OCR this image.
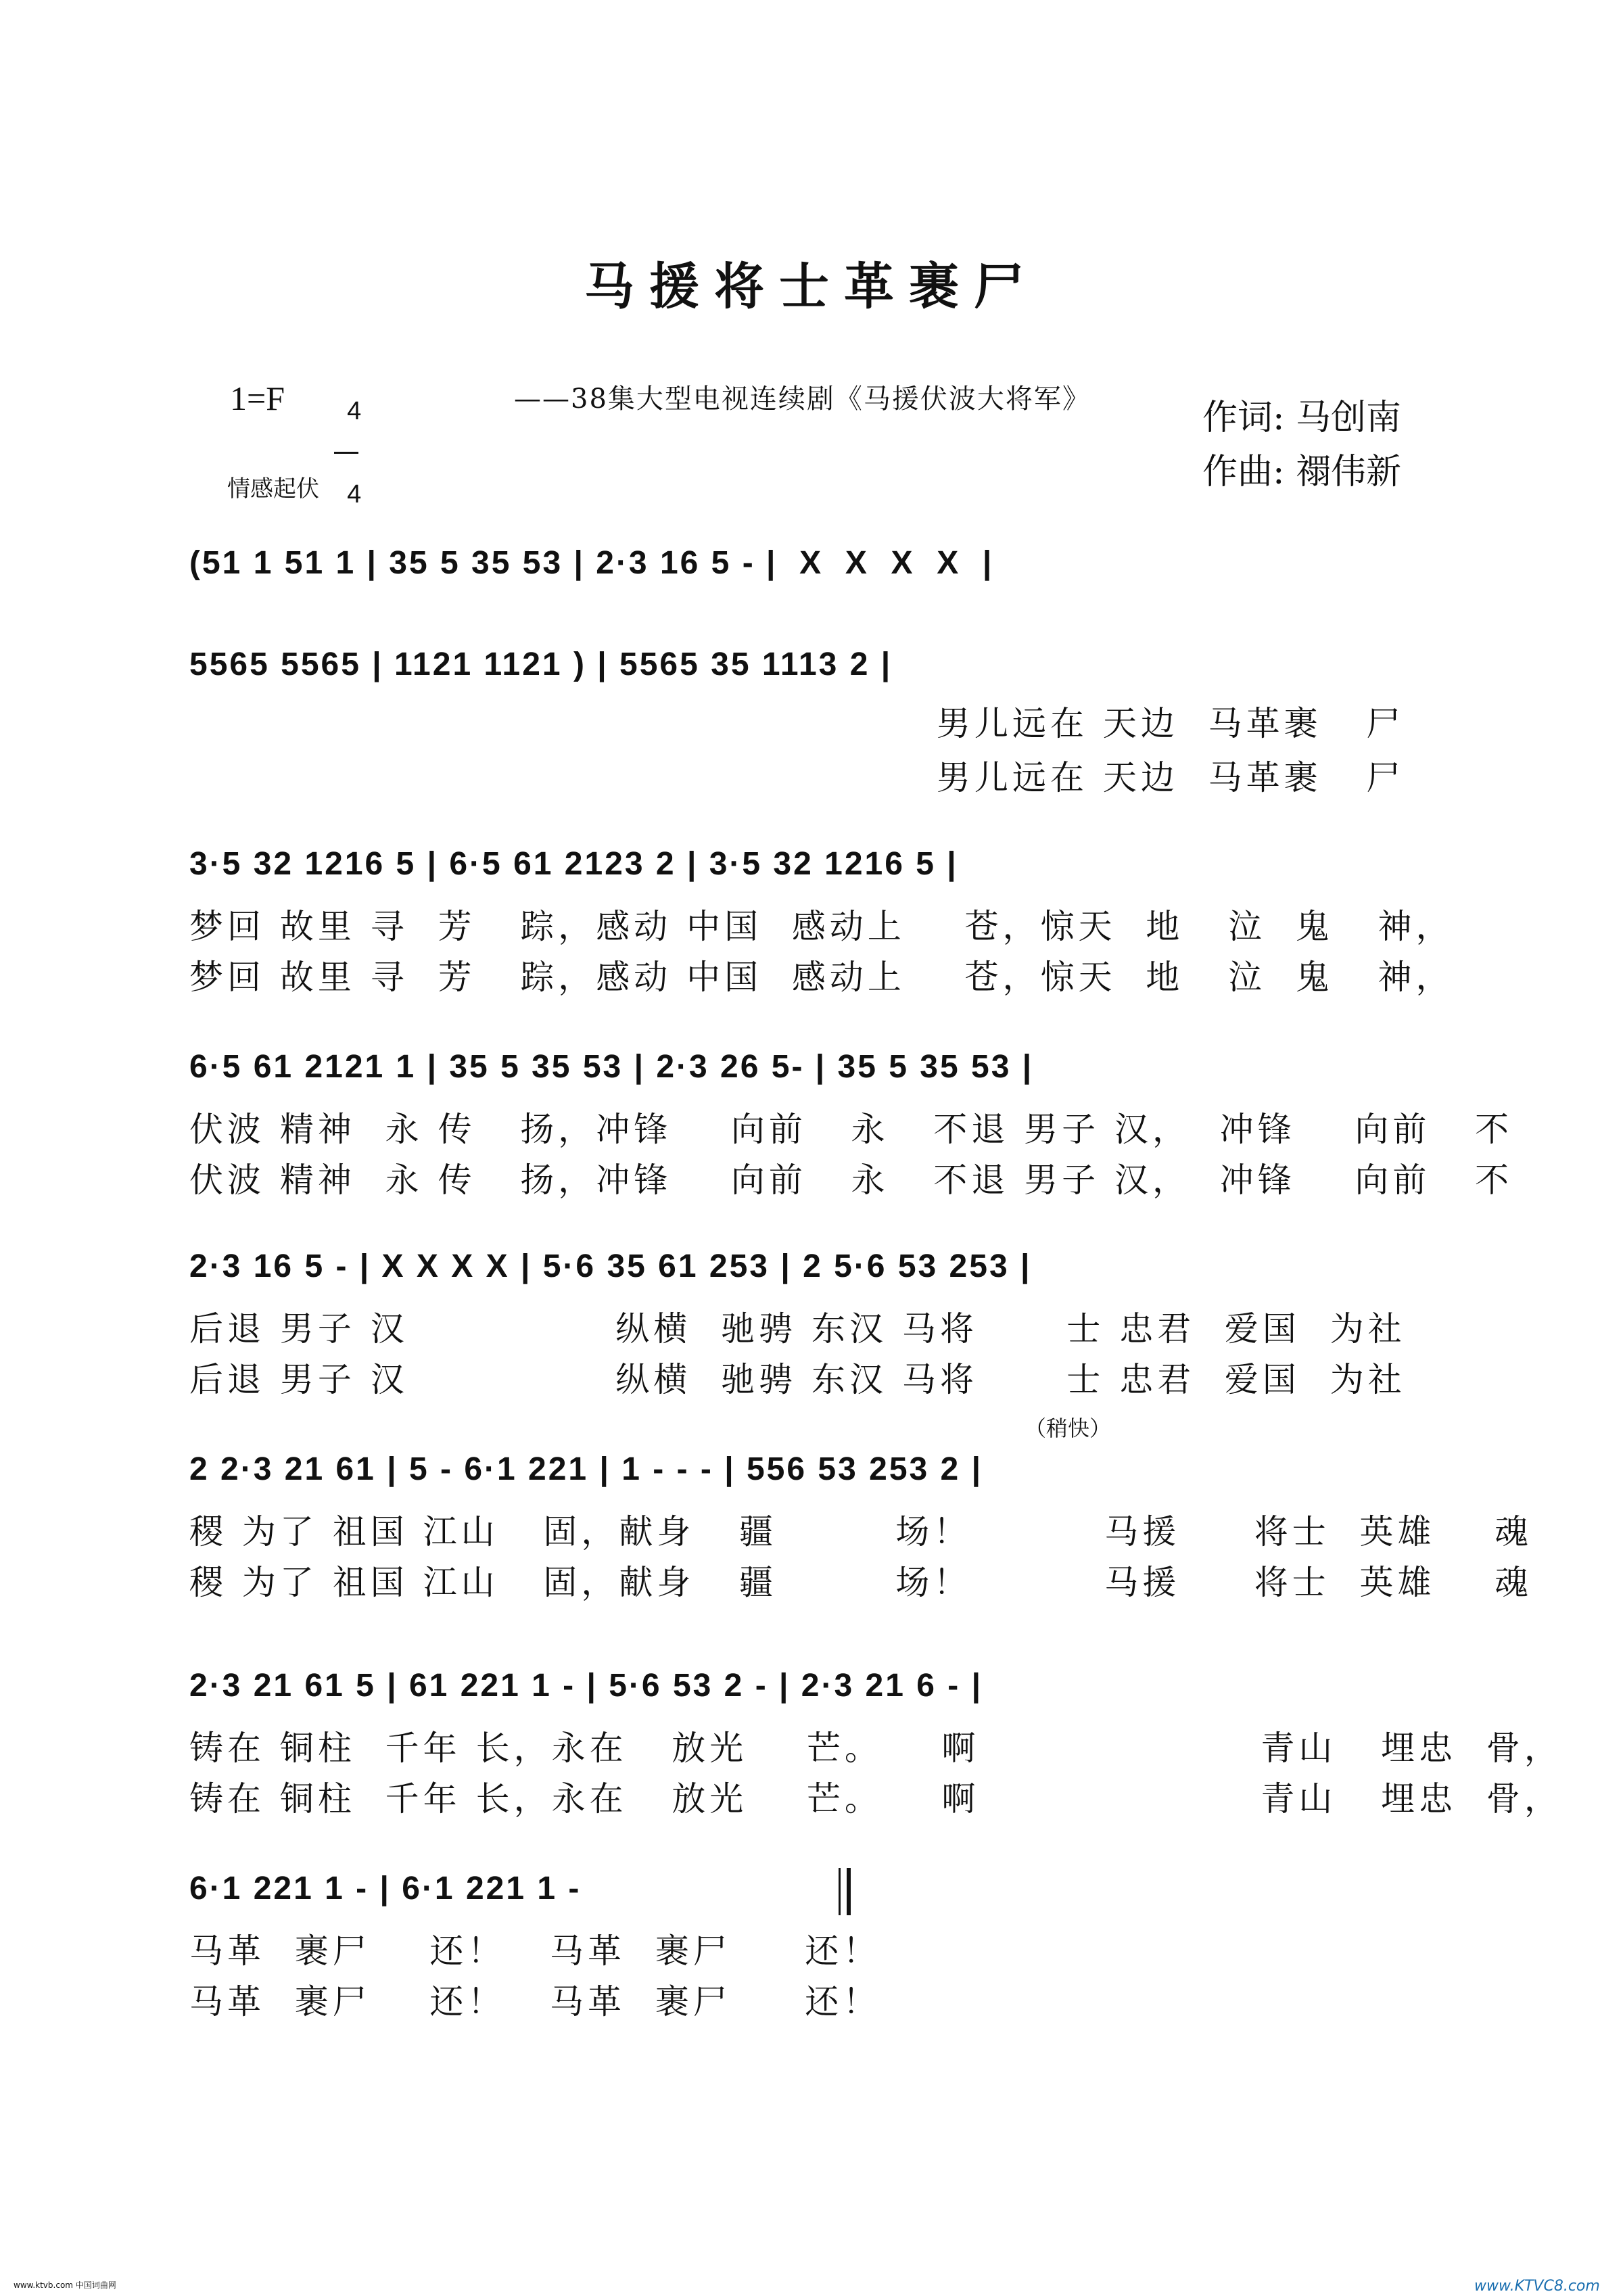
马援将士革裹尸
1=F	4

4

——38集大型电视连续剧《马援伏波大将军》	作词: 马创南
作曲: 禤伟新
情感起伏
(51 1 51 1 | 35 5 35 53 | 2·3 16 5 - |  X  X  X  X  |
5565 5565 | 1121 1121 ) | 5565 35 1113 2 |
男儿远在 天边  马革裹   尸
男儿远在 天边  马革裹   尸
3·5 32 1216 5 | 6·5 61 2123 2 | 3·5 32 1216 5 |
梦回 故里 寻  芳   踪，感动 中国  感动上    苍，惊天  地   泣  鬼   神，
梦回 故里 寻  芳   踪，感动 中国  感动上    苍，惊天  地   泣  鬼   神，
6·5 61 2121 1 | 35 5 35 53 | 2·3 26 5- | 35 5 35 53 |
伏波 精神  永 传   扬，冲锋    向前   永   不退 男子 汉，  冲锋    向前   不
伏波 精神  永 传   扬，冲锋    向前   永   不退 男子 汉，  冲锋    向前   不
2·3 16 5 - | X X X X | 5·6 35 61 253 | 2 5·6 53 253 |
后退 男子 汉              纵横  驰骋 东汉 马将      士 忠君  爱国  为社
后退 男子 汉              纵横  驰骋 东汉 马将      士 忠君  爱国  为社
（稍快）
2 2·3 21 61 | 5 - 6·1 221 | 1 - - - | 556 53 253 2 |
稷 为了 祖国 江山   固，献身   疆        场！         马援     将士  英雄    魂
稷 为了 祖国 江山   固，献身   疆        场！         马援     将士  英雄    魂
2·3 21 61 5 | 61 221 1 - | 5·6 53 2 - | 2·3 21 6 - |
铸在 铜柱  千年 长，永在   放光    芒。    啊                   青山   埋忠  骨，
铸在 铜柱  千年 长，永在   放光    芒。    啊                   青山   埋忠  骨，
6·1 221 1 - | 6·1 221 1 -
马革  裹尸    还！   马革  裹尸     还！
马革  裹尸    还！   马革  裹尸     还！
www.ktvb.com 中国词曲网	www.KTVC8.com
